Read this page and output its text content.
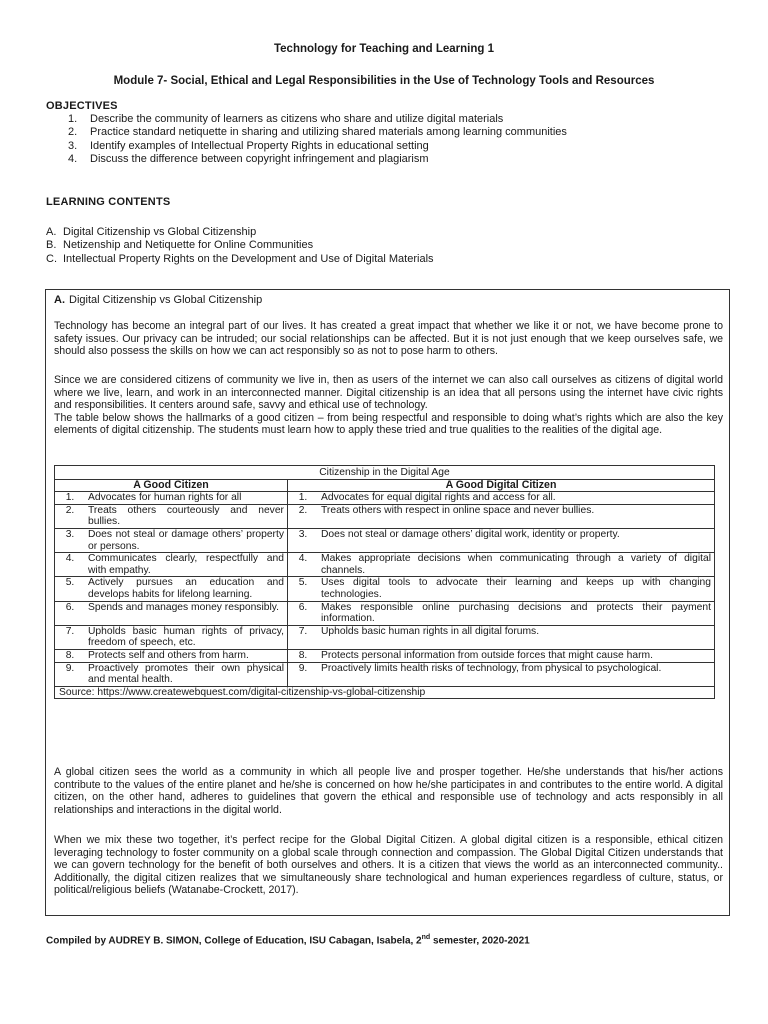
Technology for Teaching and Learning 1
Module 7- Social, Ethical and Legal Responsibilities in the Use of Technology Tools and Resources
OBJECTIVES
1. Describe the community of learners as citizens who share and utilize digital materials
2. Practice standard netiquette in sharing and utilizing shared materials among learning communities
3. Identify examples of Intellectual Property Rights in educational setting
4. Discuss the difference between copyright infringement and plagiarism
LEARNING CONTENTS
A. Digital Citizenship vs Global Citizenship
B. Netizenship and Netiquette for Online Communities
C. Intellectual Property Rights on the Development and Use of Digital Materials
A. Digital Citizenship vs Global Citizenship
Technology has become an integral part of our lives. It has created a great impact that whether we like it or not, we have become prone to safety issues. Our privacy can be intruded; our social relationships can be affected. But it is not just enough that we keep ourselves safe, we should also possess the skills on how we can act responsibly so as not to pose harm to others.
Since we are considered citizens of community we live in, then as users of the internet we can also call ourselves as citizens of digital world where we live, learn, and work in an interconnected manner. Digital citizenship is an idea that all persons using the internet have civic rights and responsibilities. It centers around safe, savvy and ethical use of technology.
The table below shows the hallmarks of a good citizen – from being respectful and responsible to doing what’s rights which are also the key elements of digital citizenship. The students must learn how to apply these tried and true qualities to the realities of the digital age.
Citizenship in the Digital Age			
A Good Citizen		A Good Digital Citizen	
1.	Advocates for human rights for all	1.	Advocates for equal digital rights and access for all.
2.	Treats others courteously and never bullies.	2.	Treats others with respect in online space and never bullies.
3.	Does not steal or damage others’ property or persons.	3.	Does not steal or damage others’ digital work, identity or property.
4.	Communicates clearly, respectfully and with empathy.	4.	Makes appropriate decisions when communicating through a variety of digital channels.
5.	Actively pursues an education and develops habits for lifelong learning.	5.	Uses digital tools to advocate their learning and keeps up with changing technologies.
6.	Spends and manages money responsibly.	6.	Makes responsible online purchasing decisions and protects their payment information.
7.	Upholds basic human rights of privacy, freedom of speech, etc.	7.	Upholds basic human rights in all digital forums.
8.	Protects self and others from harm.	8.	Protects personal information from outside forces that might cause harm.
9.	Proactively promotes their own physical and mental health.	9.	Proactively limits health risks of technology, from physical to psychological.
Source: https://www.createwebquest.com/digital-citizenship-vs-global-citizenship			
A global citizen sees the world as a community in which all people live and prosper together. He/she understands that his/her actions contribute to the values of the entire planet and he/she is concerned on how he/she participates in and contributes to the entire world. A digital citizen, on the other hand, adheres to guidelines that govern the ethical and responsible use of technology and acts responsibly in all relationships and interactions in the digital world.
When we mix these two together, it’s perfect recipe for the Global Digital Citizen. A global digital citizen is a responsible, ethical citizen leveraging technology to foster community on a global scale through connection and compassion. The Global Digital Citizen understands that we can govern technology for the benefit of both ourselves and others. It is a citizen that views the world as an interconnected community.. Additionally, the digital citizen realizes that we simultaneously share technological and human experiences regardless of culture, status, or political/religious beliefs (Watanabe-Crockett, 2017).
Compiled by AUDREY B. SIMON, College of Education, ISU Cabagan, Isabela, 2nd semester, 2020-2021
